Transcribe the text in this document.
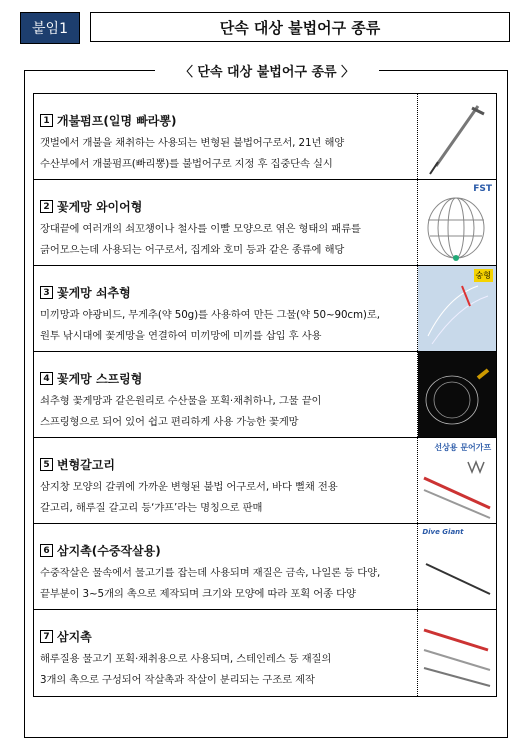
붙임1	단속 대상 불법어구 종류
〈 단속 대상 불법어구 종류 〉
1 개불펌프(일명 빠라뽕)
갯벌에서 개불을 채취하는 사용되는 변형된 불법어구로서, 21년 해양
수산부에서 개불펌프(빠리뽕)를 불법어구로 지정 후 집중단속 실시
2 꽃게망 와이어형
장대끝에 여러개의 쇠꼬챙이나 철사를 이빨 모양으로 엮은 형태의 패류를
긁어모으는데 사용되는 어구로서, 집게와 호미 등과 같은 종류에 해당
FST
3 꽃게망 쇠추형
미끼망과 야광비드, 무게추(약 50g)를 사용하여 만든 그물(약 50~90cm)로,
원투 낚시대에 꽃게망을 연결하여 미끼망에 미끼를 삽입 후 사용
숭형
4 꽃게망 스프링형
쇠추형 꽃게망과 같은원리로 수산물을 포획·채취하나, 그물 끝이
스프링형으로 되어 있어 쉽고 편리하게 사용 가능한 꽃게망
5 변형갈고리
삼지창 모양의 갈퀴에 가까운 변형된 불법 어구로서, 바다 뻘채 전용
갈고리, 해루질 갈고리 등‘갸프’라는 명칭으로 판매
선상용 문어가프
6 삼지촉(수중작살용)
수중작살은 물속에서 물고기를 잡는데 사용되며 재질은 금속, 나일론 등 다양,
끝부분이 3~5개의 촉으로 제작되며 크기와 모양에 따라 포획 어종 다양
Dive Giant
7 삼지촉
해루질용 물고기 포획·채취용으로 사용되며, 스테인레스 등 재질의
3개의 촉으로 구성되어 작살촉과 작살이 분리되는 구조로 제작
